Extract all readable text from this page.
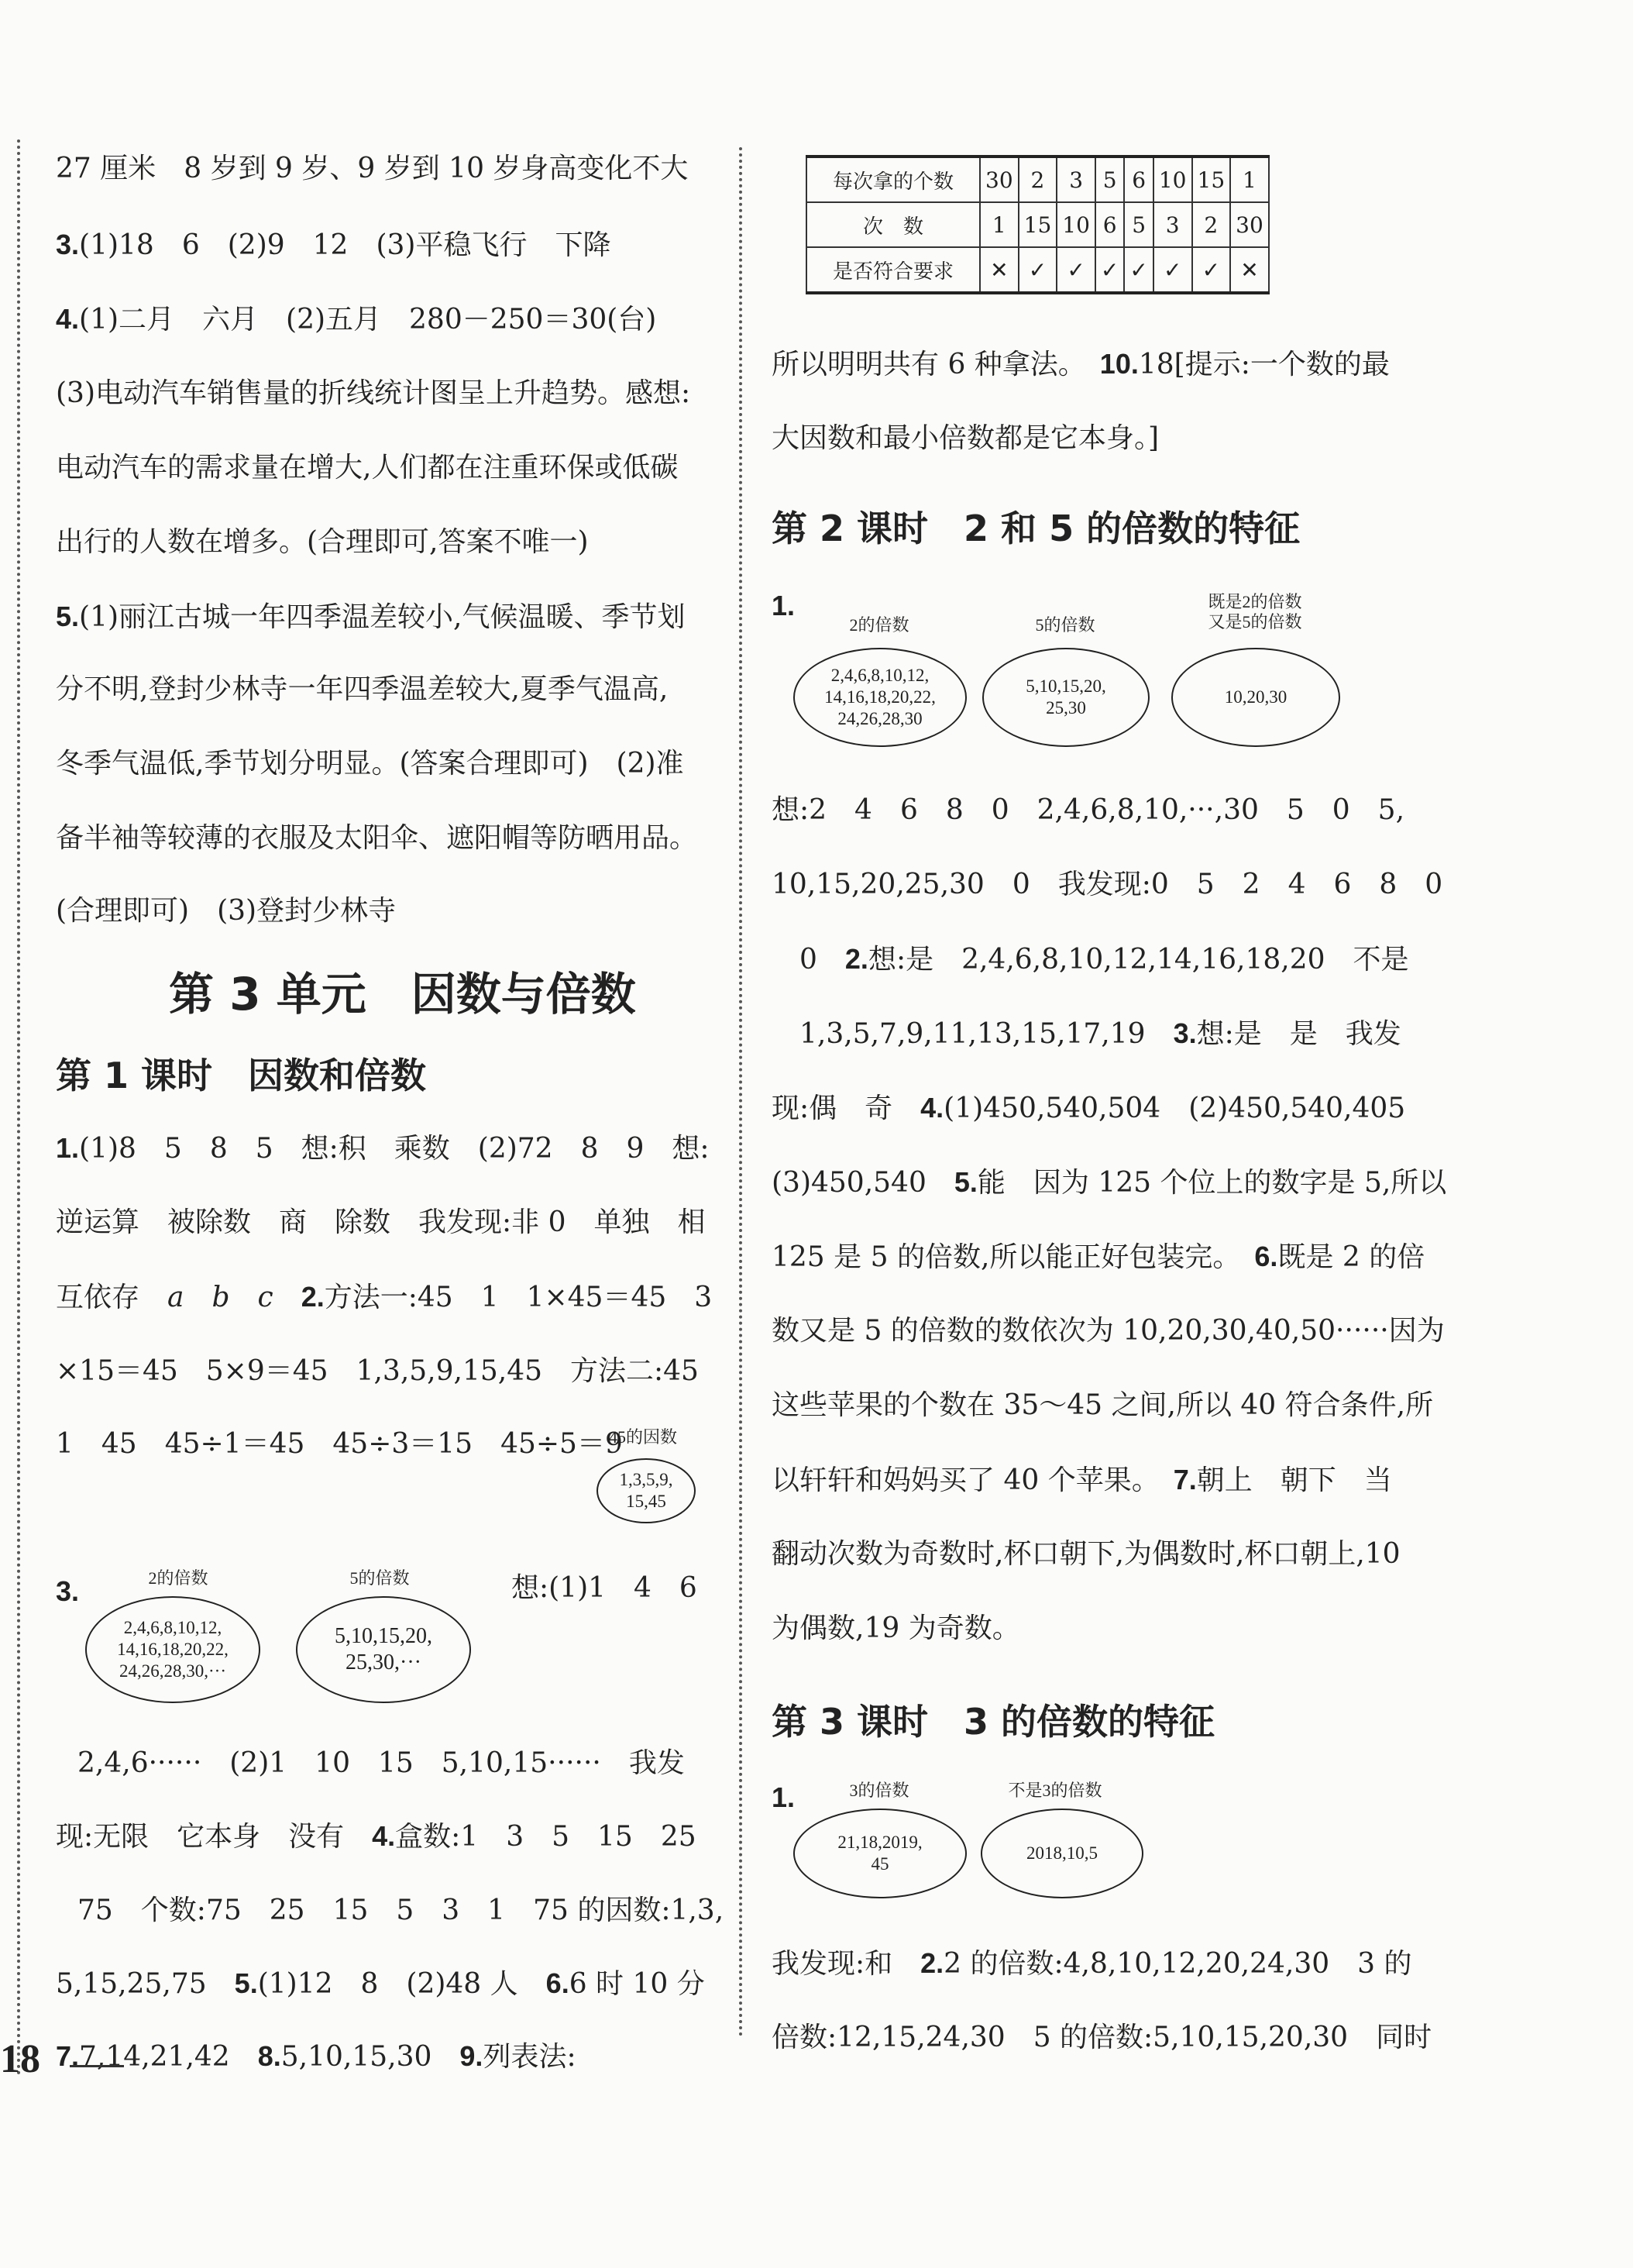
27 厘米　8 岁到 9 岁、9 岁到 10 岁身高变化不大
3.(1)18　6　(2)9　12　(3)平稳飞行　下降
4.(1)二月　六月　(2)五月　280－250＝30(台)
(3)电动汽车销售量的折线统计图呈上升趋势。感想:
电动汽车的需求量在增大,人们都在注重环保或低碳
出行的人数在增多。(合理即可,答案不唯一)
5.(1)丽江古城一年四季温差较小,气候温暖、季节划
分不明,登封少林寺一年四季温差较大,夏季气温高,
冬季气温低,季节划分明显。(答案合理即可)　(2)准
备半袖等较薄的衣服及太阳伞、遮阳帽等防晒用品。
(合理即可)　(3)登封少林寺
第 3 单元　因数与倍数
第 1 课时　因数和倍数
1.(1)8　5　8　5　想:积　乘数　(2)72　8　9　想:
逆运算　被除数　商　除数　我发现:非 0　单独　相
互依存　a　b　c　 2.方法一:45　1　1×45＝45　3
×15＝45　5×9＝45　1,3,5,9,15,45　方法二:45
1　45　45÷1＝45　45÷3＝15　45÷5＝9
45的因数
1,3,5,9,
15,45
3.	2的倍数
2,4,6,8,10,12,
14,16,18,20,22,
24,26,28,30,···
5的倍数
5,10,15,20,
25,30,···
想:(1)1　4　6
2,4,6······　(2)1　10　15　5,10,15······　我发
现:无限　它本身　没有　4.盒数:1　3　5　15　25
75　个数:75　25　15　5　3　1　75 的因数:1,3,
5,15,25,75　5.(1)12　8　(2)48 人　6.6 时 10 分
7.7,14,21,42　8.5,10,15,30　9.列表法:
18
每次拿的个数	30	2	3	5	6	10	15	1
次　数	1	15	10	6	5	3	2	30
是否符合要求	✕	✓	✓	✓	✓	✓	✓	✕
所以明明共有 6 种拿法。　10.18[提示:一个数的最
大因数和最小倍数都是它本身。]
第 2 课时　2 和 5 的倍数的特征
1.
2的倍数
2,4,6,8,10,12,
14,16,18,20,22,
24,26,28,30
5的倍数
5,10,15,20,
25,30
既是2的倍数
又是5的倍数
10,20,30
想:2　4　6　8　0　2,4,6,8,10,···,30　5　0　5,
10,15,20,25,30　0　我发现:0　5　2　4　6　8　0
　0　2.想:是　2,4,6,8,10,12,14,16,18,20　不是
　1,3,5,7,9,11,13,15,17,19　3.想:是　是　我发
现:偶　奇　4.(1)450,540,504　(2)450,540,405
(3)450,540　5.能　因为 125 个位上的数字是 5,所以
125 是 5 的倍数,所以能正好包装完。　6.既是 2 的倍
数又是 5 的倍数的数依次为 10,20,30,40,50······因为
这些苹果的个数在 35～45 之间,所以 40 符合条件,所
以轩轩和妈妈买了 40 个苹果。　7.朝上　朝下　当
翻动次数为奇数时,杯口朝下,为偶数时,杯口朝上,10
为偶数,19 为奇数。
第 3 课时　3 的倍数的特征
1.	3的倍数
21,18,2019,
45
不是3的倍数
2018,10,5
我发现:和　2.2 的倍数:4,8,10,12,20,24,30　3 的
倍数:12,15,24,30　5 的倍数:5,10,15,20,30　同时
